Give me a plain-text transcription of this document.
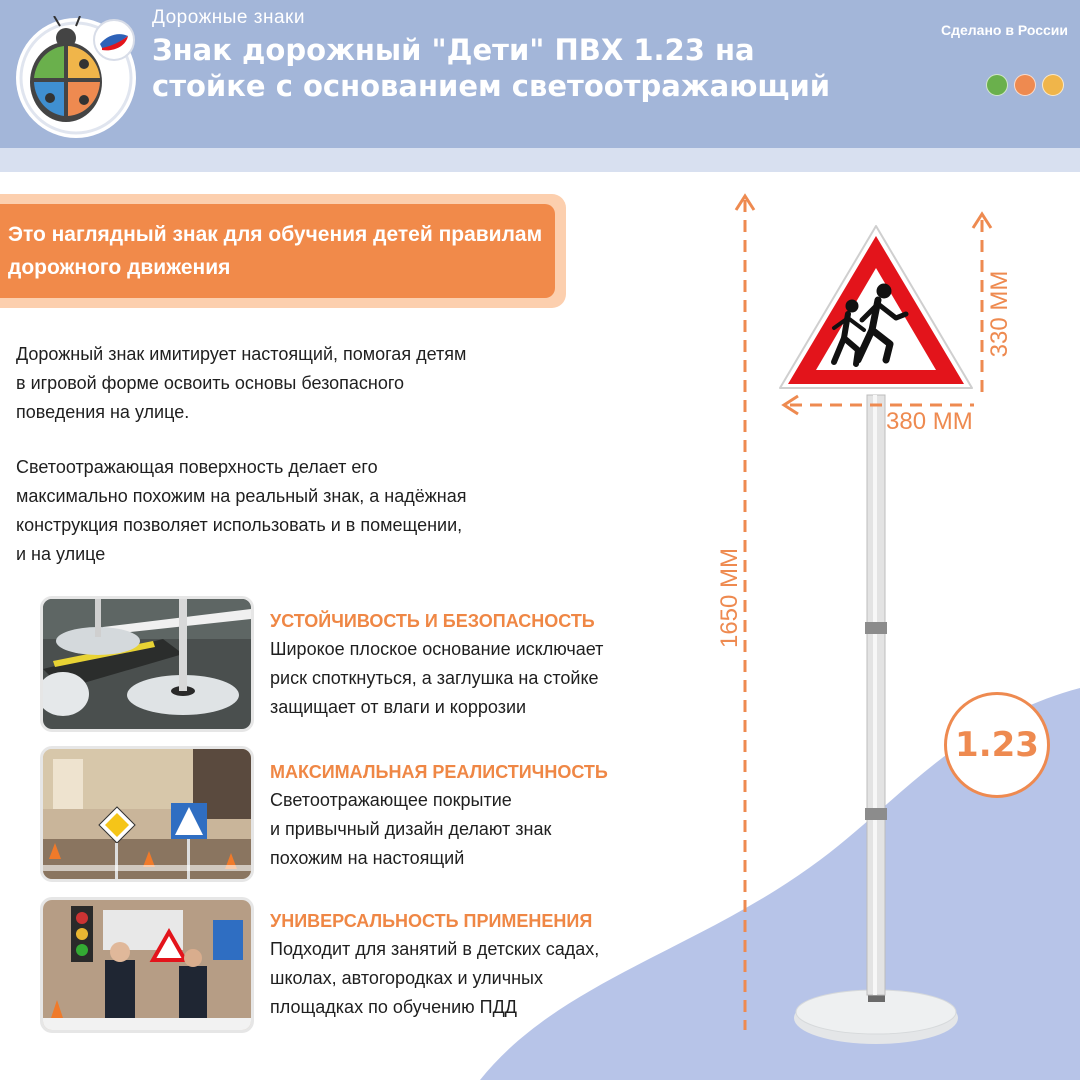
Дорожные знаки
Знак дорожный "Дети" ПВХ 1.23 на стойке с основанием светоотражающий
Сделано в России
Это наглядный знак для обучения детей правилам дорожного движения
Дорожный знак имитирует настоящий, помогая детям
в игровой форме освоить основы безопасного
поведения на улице.
Светоотражающая поверхность делает его
максимально похожим на реальный знак, а надёжная
конструкция позволяет использовать и в помещении,
и на улице
УСТОЙЧИВОСТЬ И БЕЗОПАСНОСТЬ
Широкое плоское основание исключает
риск споткнуться, а заглушка на стойке
защищает от влаги и коррозии
МАКСИМАЛЬНАЯ РЕАЛИСТИЧНОСТЬ
Светоотражающее покрытие
и привычный дизайн делают знак
похожим на настоящий
УНИВЕРСАЛЬНОСТЬ ПРИМЕНЕНИЯ
Подходит для занятий в детских садах,
школах, автогородках и уличных
площадках по обучению ПДД
380 ММ
330 ММ
1650 ММ
1.23
